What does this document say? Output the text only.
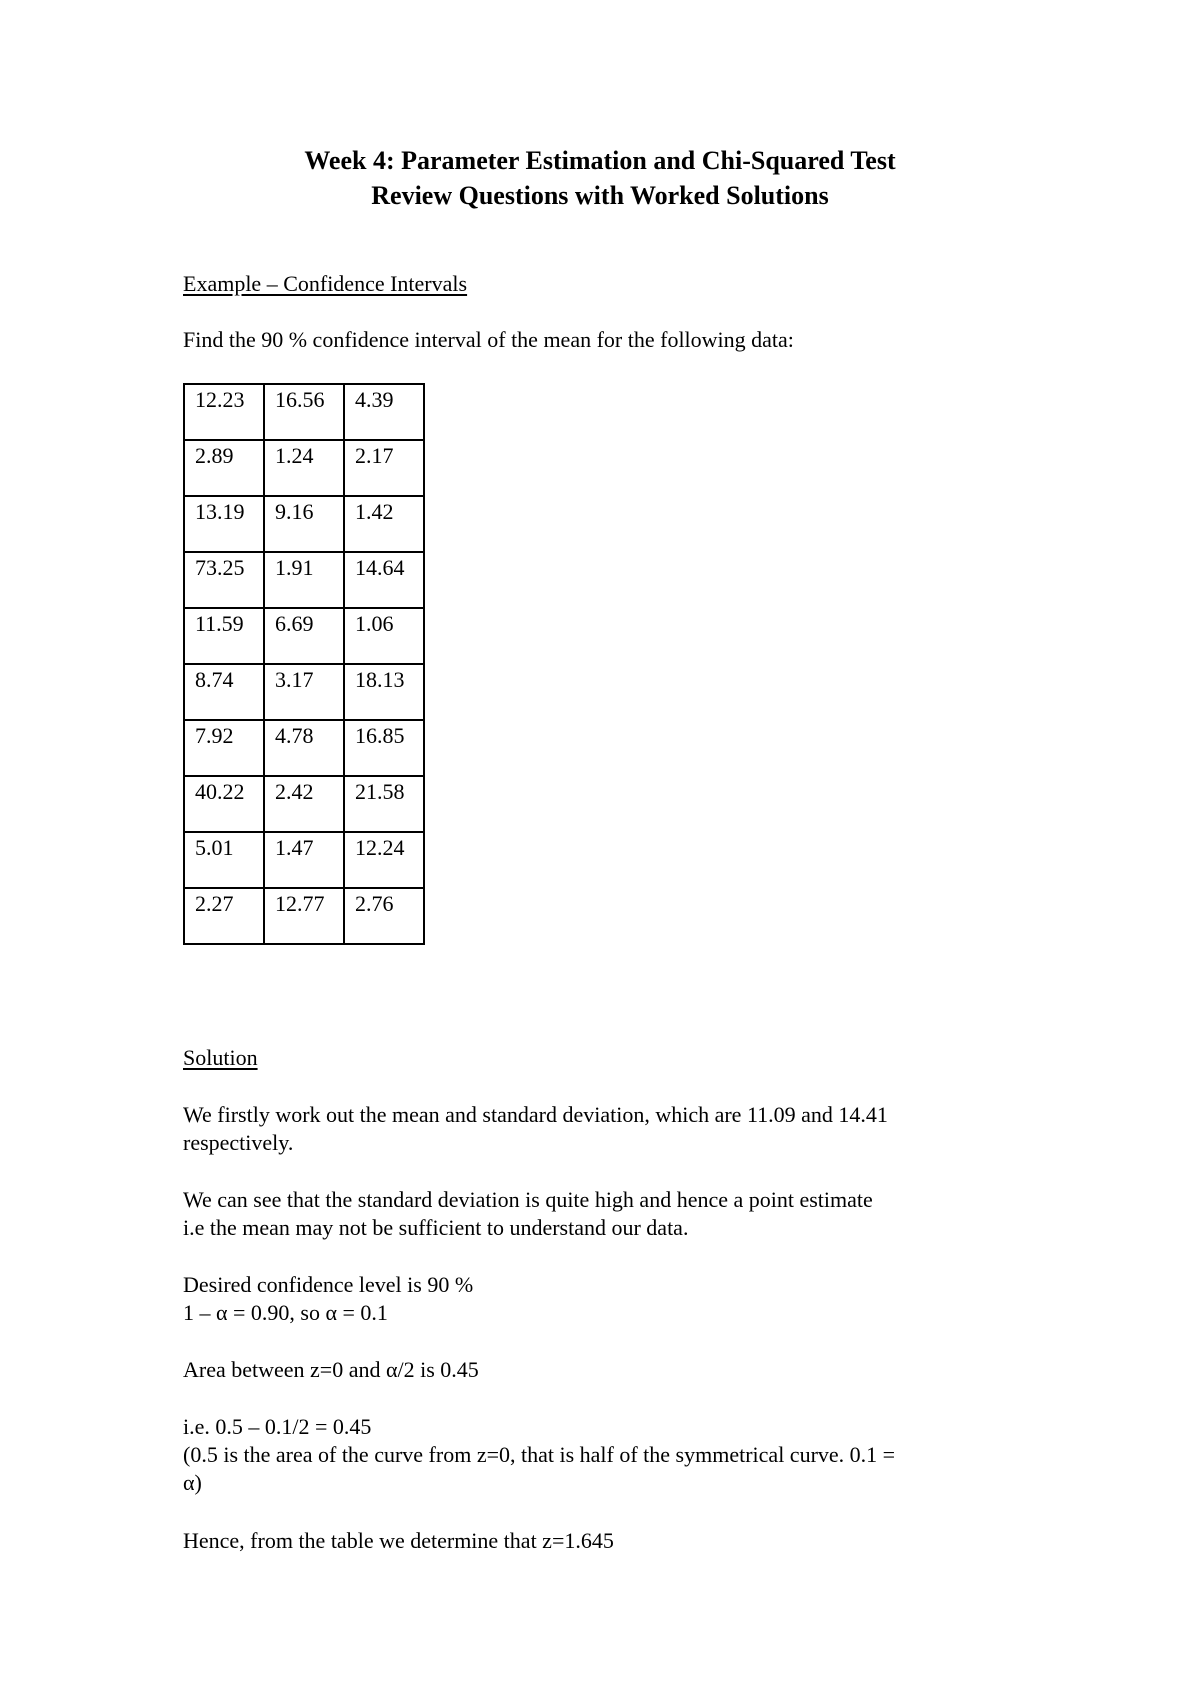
Week 4: Parameter Estimation and Chi-Squared Test
Review Questions with Worked Solutions

Example – Confidence Intervals

Find the 90 % confidence interval of the mean for the following data:

12.23	16.56	4.39
2.89	1.24	2.17
13.19	9.16	1.42
73.25	1.91	14.64
11.59	6.69	1.06
8.74	3.17	18.13
7.92	4.78	16.85
40.22	2.42	21.58
5.01	1.47	12.24
2.27	12.77	2.76

Solution

We firstly work out the mean and standard deviation, which are 11.09 and 14.41
respectively.

We can see that the standard deviation is quite high and hence a point estimate
i.e the mean may not be sufficient to understand our data.

Desired confidence level is 90 %
1 – α = 0.90, so α = 0.1

Area between z=0 and α/2 is 0.45

i.e. 0.5 – 0.1/2 = 0.45
(0.5 is the area of the curve from z=0, that is half of the symmetrical curve. 0.1 =
α)

Hence, from the table we determine that z=1.645
